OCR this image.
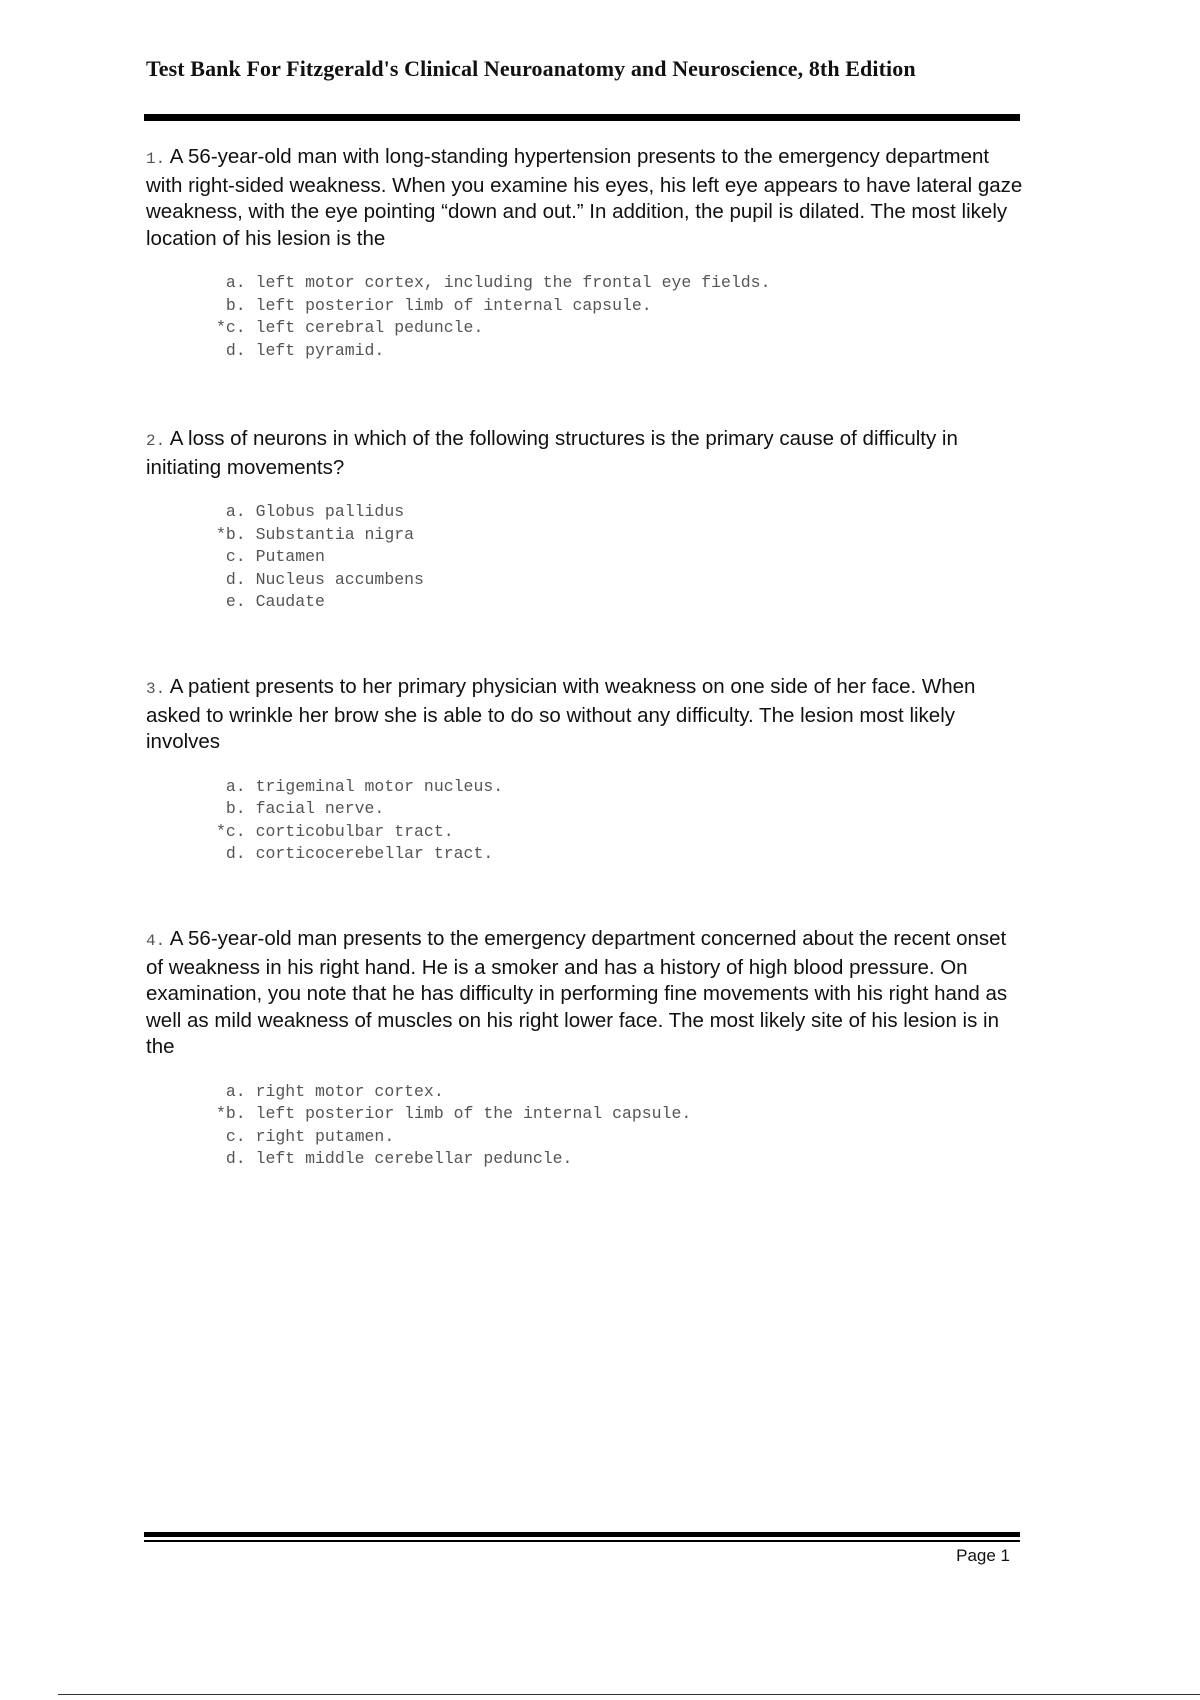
Test Bank For Fitzgerald's Clinical Neuroanatomy and Neuroscience, 8th Edition

1. A 56-year-old man with long-standing hypertension presents to the emergency department with right-sided weakness. When you examine his eyes, his left eye appears to have lateral gaze weakness, with the eye pointing “down and out.” In addition, the pupil is dilated. The most likely location of his lesion is the

a. left motor cortex, including the frontal eye fields.
b. left posterior limb of internal capsule.
*c. left cerebral peduncle.
d. left pyramid.

2. A loss of neurons in which of the following structures is the primary cause of difficulty in initiating movements?

a. Globus pallidus
*b. Substantia nigra
c. Putamen
d. Nucleus accumbens
e. Caudate

3. A patient presents to her primary physician with weakness on one side of her face. When asked to wrinkle her brow she is able to do so without any difficulty. The lesion most likely involves

a. trigeminal motor nucleus.
b. facial nerve.
*c. corticobulbar tract.
d. corticocerebellar tract.

4. A 56-year-old man presents to the emergency department concerned about the recent onset of weakness in his right hand. He is a smoker and has a history of high blood pressure. On examination, you note that he has difficulty in performing fine movements with his right hand as well as mild weakness of muscles on his right lower face. The most likely site of his lesion is in the

a. right motor cortex.
*b. left posterior limb of the internal capsule.
c. right putamen.
d. left middle cerebellar peduncle.
Page 1
